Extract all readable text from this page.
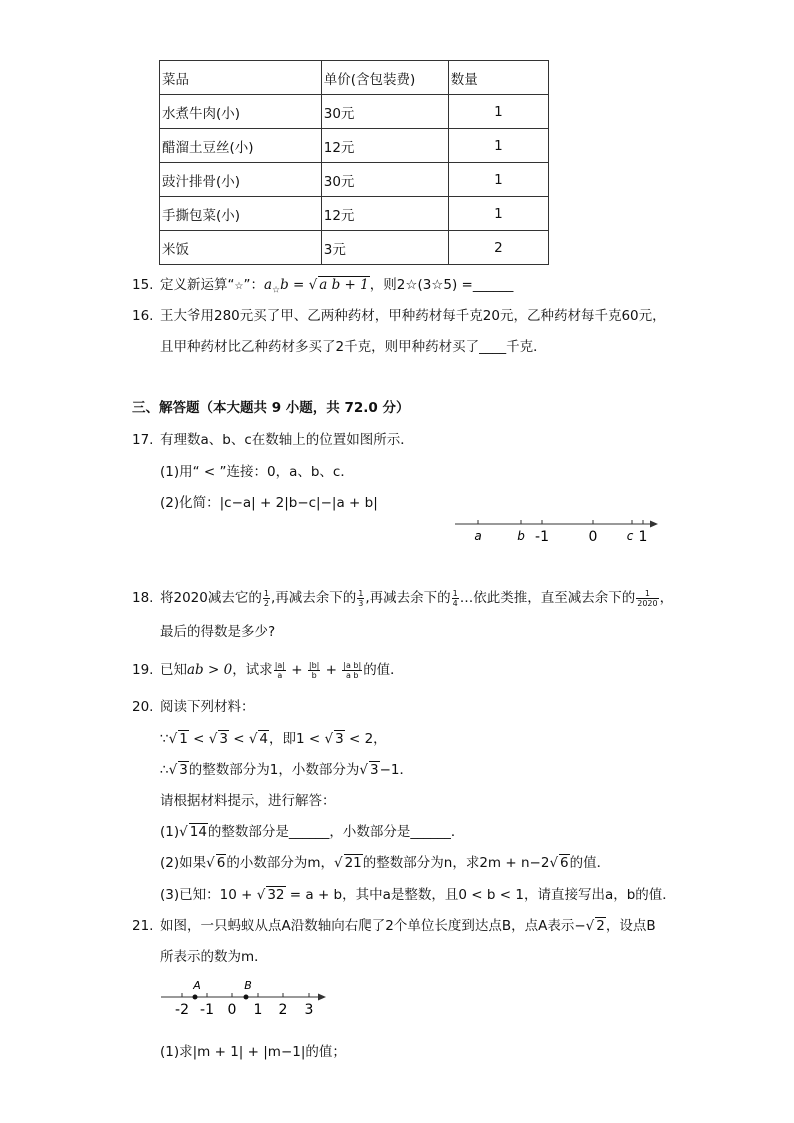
菜品	单价(含包装费)	数量
水煮牛肉(小)	30元	1
醋溜土豆丝(小)	12元	1
豉汁排骨(小)	30元	1
手撕包菜(小)	12元	1
米饭	3元	2
15. 定义新运算“☆”：$a_☆b$ = √ a b + 1，则2☆(3☆5) =______
16. 王大爷用280元买了甲、乙两种药材，甲种药材每千克20元，乙种药材每千克60元，
且甲种药材比乙种药材多买了2千克，则甲种药材买了____千克．
三、解答题（本大题共 9 小题，共 72.0 分）
17. 有理数a、b、c在数轴上的位置如图所示．
(1)用“ < ”连接：0，a、b、c．
(2)化简：|c−a| + 2|b−c|−|a + b|
a	b -1	0 c 1
18. 将2020减去它的 $\frac{1}{2}$ ,再减去余下的 $\frac{1}{3}$ ,再减去余下的 $\frac{1}{4}$ …依此类推，直至减去余下的 $\frac{1}{2020}$ ，
最后的得数是多少?
19. 已知ab > 0，试求 $\frac{|a|}{a} + \frac{|b|}{b} + \frac{\text{|a b|}}{\text{a b}}$ 的值．
20. 阅读下列材料：
∵√ 1 < √ 3 < √ 4，即1 < √ 3 < 2，
∴√ 3的整数部分为1，小数部分为√ 3−1．
请根据材料提示，进行解答：
(1)√ 14的整数部分是______，小数部分是______．
(2)如果√ 6的小数部分为m，√ 21的整数部分为n，求2m + n−2√ 6的值．
(3)已知：10 + √ 32 = a + b，其中a是整数，且0 < b < 1，请直接写出a，b的值．
21. 如图，一只蚂蚁从点A沿数轴向右爬了2个单位长度到达点B，点A表示−√ 2，设点B
所表示的数为m．
A	B
-2 -1 0 1 2 3
(1)求|m + 1| + |m−1|的值；
